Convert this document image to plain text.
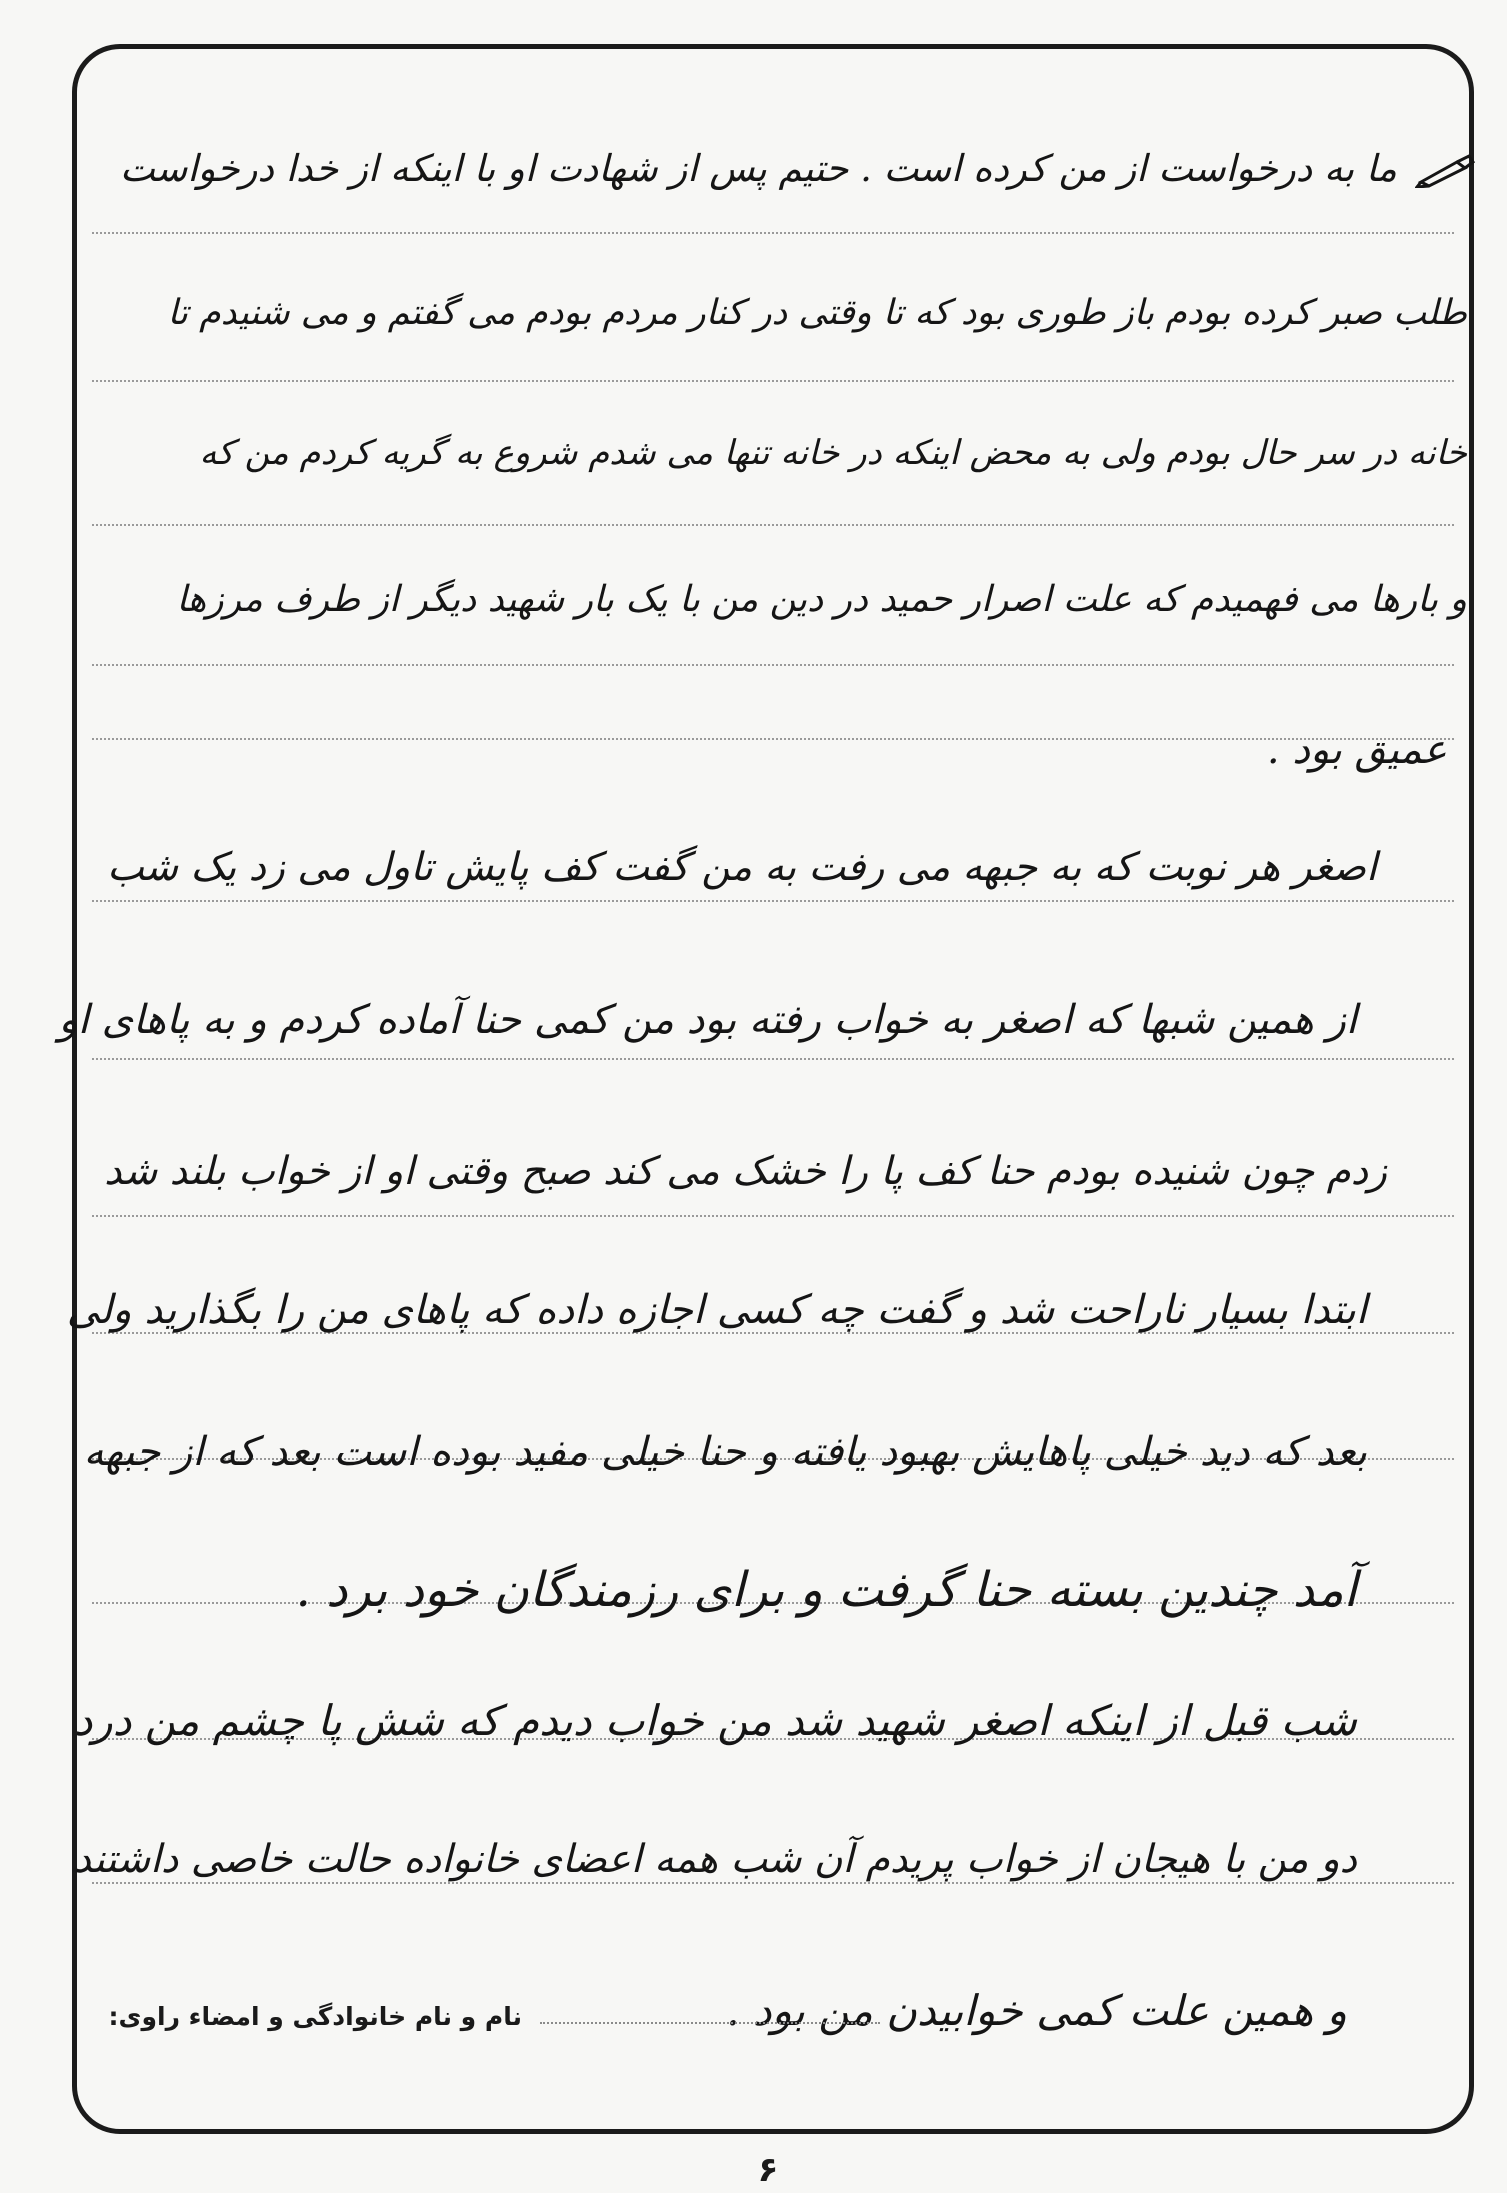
ما به درخواست از من کرده است . حتیم پس از شهادت او با اینکه از خدا درخواست
طلب صبر کرده بودم باز طوری بود که تا وقتی در کنار مردم بودم می گفتم و می شنیدم تا
خانه در سر حال بودم ولی به محض اینکه در خانه تنها می شدم شروع به گریه کردم من که
و بارها می فهمیدم که علت اصرار حمید در دین من با یک بار شهید دیگر از طرف مرزها
عمیق بود .
اصغر هر نوبت که به جبهه می رفت به من گفت کف پایش تاول می زد یک شب
از همین شبها که اصغر به خواب رفته بود من کمی حنا آماده کردم و به پاهای او
زدم چون شنیده بودم حنا کف پا را خشک می کند صبح وقتی او از خواب بلند شد
ابتدا بسیار ناراحت شد و گفت چه کسی اجازه داده که پاهای من را بگذارید ولی
بعد که دید خیلی پاهایش بهبود یافته و حنا خیلی مفید بوده است بعد که از جبهه
آمد چندین بسته حنا گرفت و برای رزمندگان خود برد .
شب قبل از اینکه اصغر شهید شد من خواب دیدم که شش پا چشم من درد
دو من با هیجان از خواب پریدم آن شب همه اعضای خانواده حالت خاصی داشتند
و همین علت کمی خوابیدن من بود .
نام و نام خانوادگی و امضاء راوی:
۶
